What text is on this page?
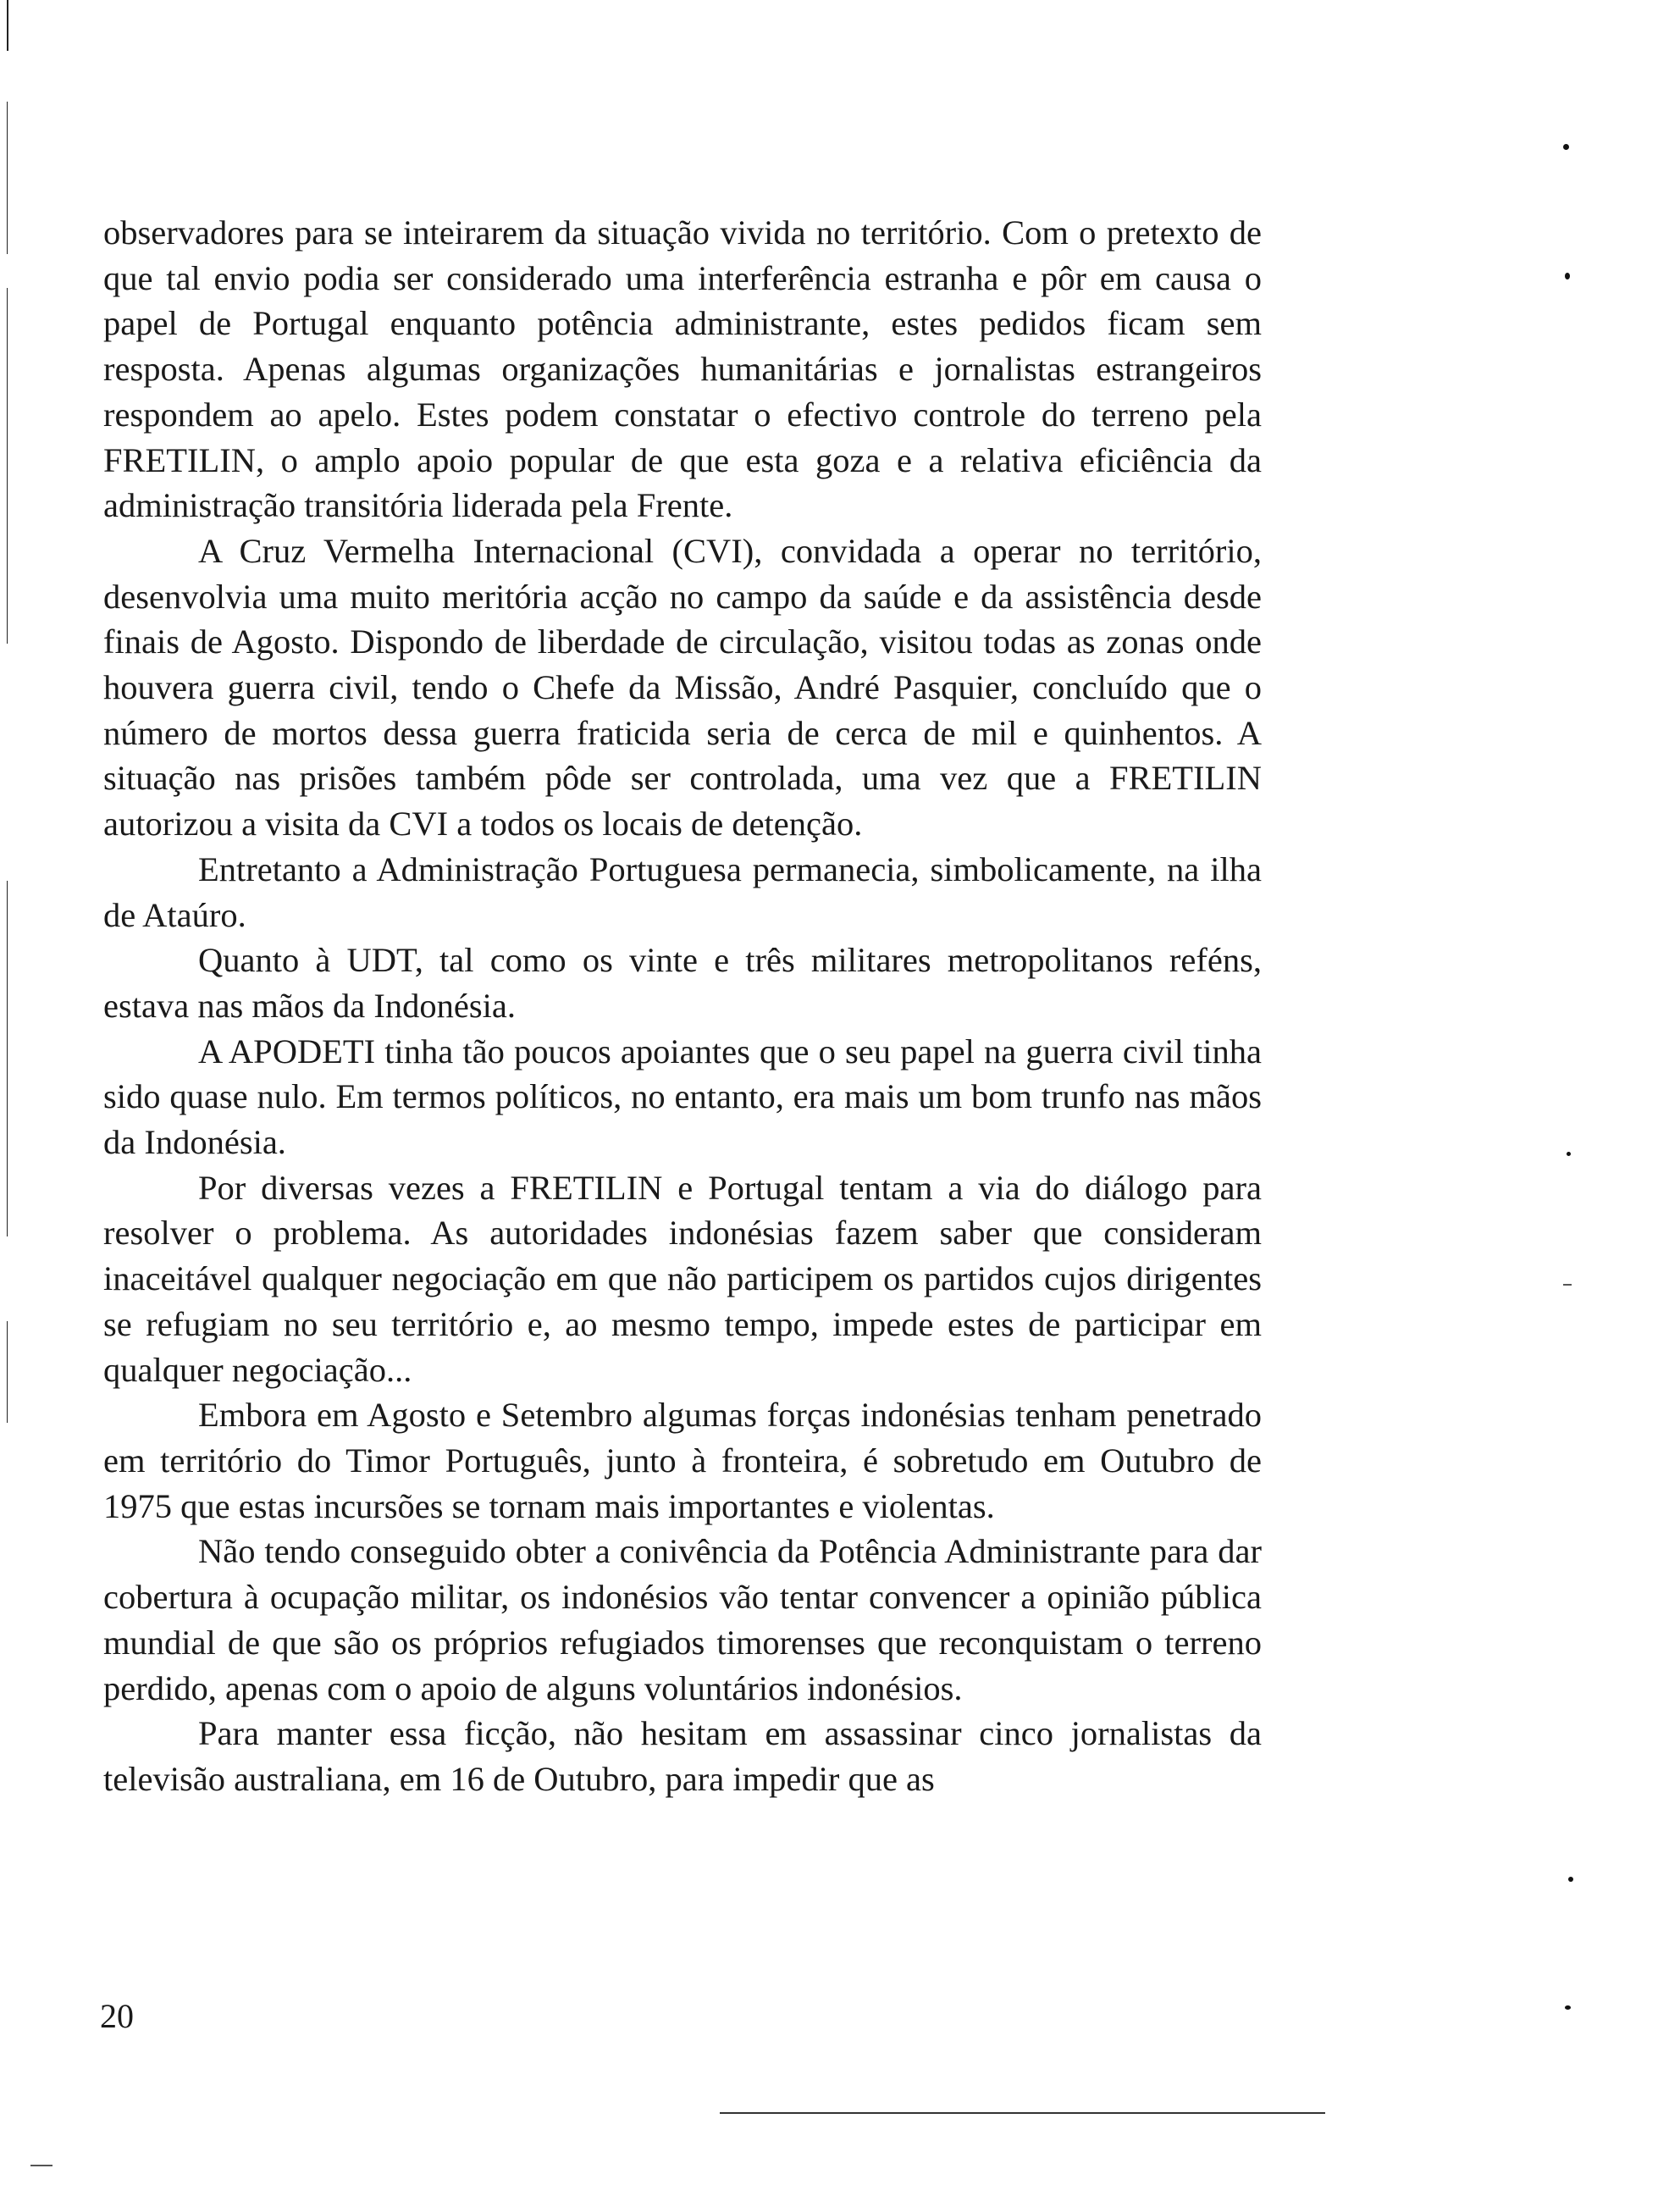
observadores para se inteirarem da situação vivida no território. Com o pretexto de que tal envio podia ser considerado uma interferência estranha e pôr em causa o papel de Portugal enquanto potência administrante, estes pedidos ficam sem resposta. Apenas algumas organizações humanitárias e jornalistas estrangeiros respondem ao apelo. Estes podem constatar o efectivo controle do terreno pela FRETILIN, o amplo apoio popular de que esta goza e a relativa eficiência da administração transitória liderada pela Frente.

A Cruz Vermelha Internacional (CVI), convidada a operar no território, desenvolvia uma muito meritória acção no campo da saúde e da assistência desde finais de Agosto. Dispondo de liberdade de circulação, visitou todas as zonas onde houvera guerra civil, tendo o Chefe da Missão, André Pasquier, concluído que o número de mortos dessa guerra fraticida seria de cerca de mil e quinhentos. A situação nas prisões também pôde ser controlada, uma vez que a FRETILIN autorizou a visita da CVI a todos os locais de detenção.

Entretanto a Administração Portuguesa permanecia, simbolicamente, na ilha de Ataúro.

Quanto à UDT, tal como os vinte e três militares metropolitanos reféns, estava nas mãos da Indonésia.

A APODETI tinha tão poucos apoiantes que o seu papel na guerra civil tinha sido quase nulo. Em termos políticos, no entanto, era mais um bom trunfo nas mãos da Indonésia.

Por diversas vezes a FRETILIN e Portugal tentam a via do diálogo para resolver o problema. As autoridades indonésias fazem saber que consideram inaceitável qualquer negociação em que não participem os partidos cujos dirigentes se refugiam no seu território e, ao mesmo tempo, impede estes de participar em qualquer negociação...

Embora em Agosto e Setembro algumas forças indonésias tenham penetrado em território do Timor Português, junto à fronteira, é sobretudo em Outubro de 1975 que estas incursões se tornam mais importantes e violentas.

Não tendo conseguido obter a conivência da Potência Administrante para dar cobertura à ocupação militar, os indonésios vão tentar convencer a opinião pública mundial de que são os próprios refugiados timorenses que reconquistam o terreno perdido, apenas com o apoio de alguns voluntários indonésios.

Para manter essa ficção, não hesitam em assassinar cinco jornalistas da televisão australiana, em 16 de Outubro, para impedir que as

20
